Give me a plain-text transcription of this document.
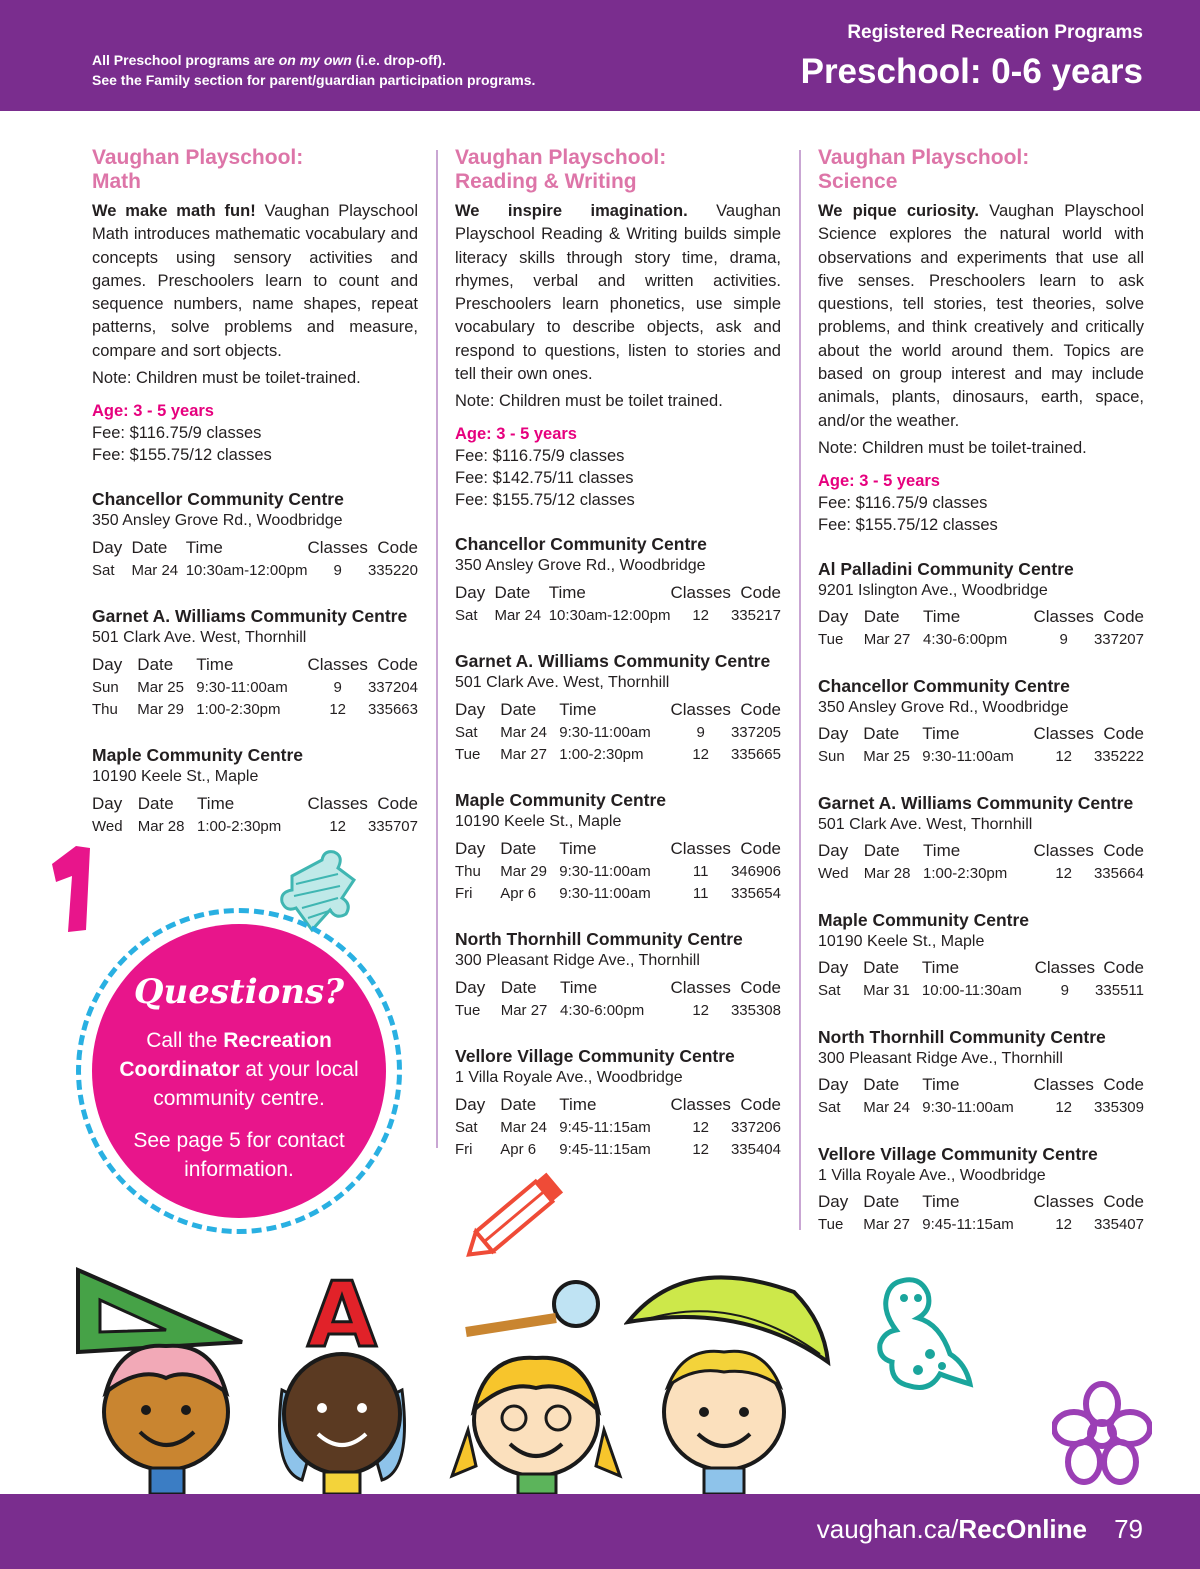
All Preschool programs are on my own (i.e. drop-off).
See the Family section for parent/guardian participation programs.
Registered Recreation Programs
Preschool: 0-6 years
Vaughan Playschool:
Math
We make math fun! Vaughan Playschool Math introduces mathematic vocabulary and concepts using sensory activities and games. Preschoolers learn to count and sequence numbers, name shapes, repeat patterns, solve problems and measure, compare and sort objects.
Note: Children must be toilet-trained.
Age: 3 - 5 years
Fee: $116.75/9 classes
Fee: $155.75/12 classes
Chancellor Community Centre
350 Ansley Grove Rd., Woodbridge
Day	Date	Time	Classes	Code
Sat	Mar 24	10:30am-12:00pm	9	335220
Garnet A. Williams Community Centre
501 Clark Ave. West, Thornhill
Day	Date	Time	Classes	Code
Sun	Mar 25	9:30-11:00am	9	337204
Thu	Mar 29	1:00-2:30pm	12	335663
Maple Community Centre
10190 Keele St., Maple
Day	Date	Time	Classes	Code
Wed	Mar 28	1:00-2:30pm	12	335707
Vaughan Playschool:
Reading & Writing
We inspire imagination. Vaughan Playschool Reading & Writing builds simple literacy skills through story time, drama, rhymes, verbal and written activities. Preschoolers learn phonetics, use simple vocabulary to describe objects, ask and respond to questions, listen to stories and tell their own ones.
Note: Children must be toilet trained.
Age: 3 - 5 years
Fee: $116.75/9 classes
Fee: $142.75/11 classes
Fee: $155.75/12 classes
Chancellor Community Centre
350 Ansley Grove Rd., Woodbridge
Day	Date	Time	Classes	Code
Sat	Mar 24	10:30am-12:00pm	12	335217
Garnet A. Williams Community Centre
501 Clark Ave. West, Thornhill
Day	Date	Time	Classes	Code
Sat	Mar 24	9:30-11:00am	9	337205
Tue	Mar 27	1:00-2:30pm	12	335665
Maple Community Centre
10190 Keele St., Maple
Day	Date	Time	Classes	Code
Thu	Mar 29	9:30-11:00am	11	346906
Fri	Apr 6	9:30-11:00am	11	335654
North Thornhill Community Centre
300 Pleasant Ridge Ave., Thornhill
Day	Date	Time	Classes	Code
Tue	Mar 27	4:30-6:00pm	12	335308
Vellore Village Community Centre
1 Villa Royale Ave., Woodbridge
Day	Date	Time	Classes	Code
Sat	Mar 24	9:45-11:15am	12	337206
Fri	Apr 6	9:45-11:15am	12	335404
Vaughan Playschool:
Science
We pique curiosity. Vaughan Playschool Science explores the natural world with observations and experiments that use all five senses. Preschoolers learn to ask questions, tell stories, test theories, solve problems, and think creatively and critically about the world around them. Topics are based on group interest and may include animals, plants, dinosaurs, earth, space, and/or the weather.
Note: Children must be toilet-trained.
Age: 3 - 5 years
Fee: $116.75/9 classes
Fee: $155.75/12 classes
Al Palladini Community Centre
9201 Islington Ave., Woodbridge
Day	Date	Time	Classes	Code
Tue	Mar 27	4:30-6:00pm	9	337207
Chancellor Community Centre
350 Ansley Grove Rd., Woodbridge
Day	Date	Time	Classes	Code
Sun	Mar 25	9:30-11:00am	12	335222
Garnet A. Williams Community Centre
501 Clark Ave. West, Thornhill
Day	Date	Time	Classes	Code
Wed	Mar 28	1:00-2:30pm	12	335664
Maple Community Centre
10190 Keele St., Maple
Day	Date	Time	Classes	Code
Sat	Mar 31	10:00-11:30am	9	335511
North Thornhill Community Centre
300 Pleasant Ridge Ave., Thornhill
Day	Date	Time	Classes	Code
Sat	Mar 24	9:30-11:00am	12	335309
Vellore Village Community Centre
1 Villa Royale Ave., Woodbridge
Day	Date	Time	Classes	Code
Tue	Mar 27	9:45-11:15am	12	335407
Questions?
Call the Recreation Coordinator at your local community centre.
See page 5 for contact information.
A
vaughan.ca/RecOnline 79
